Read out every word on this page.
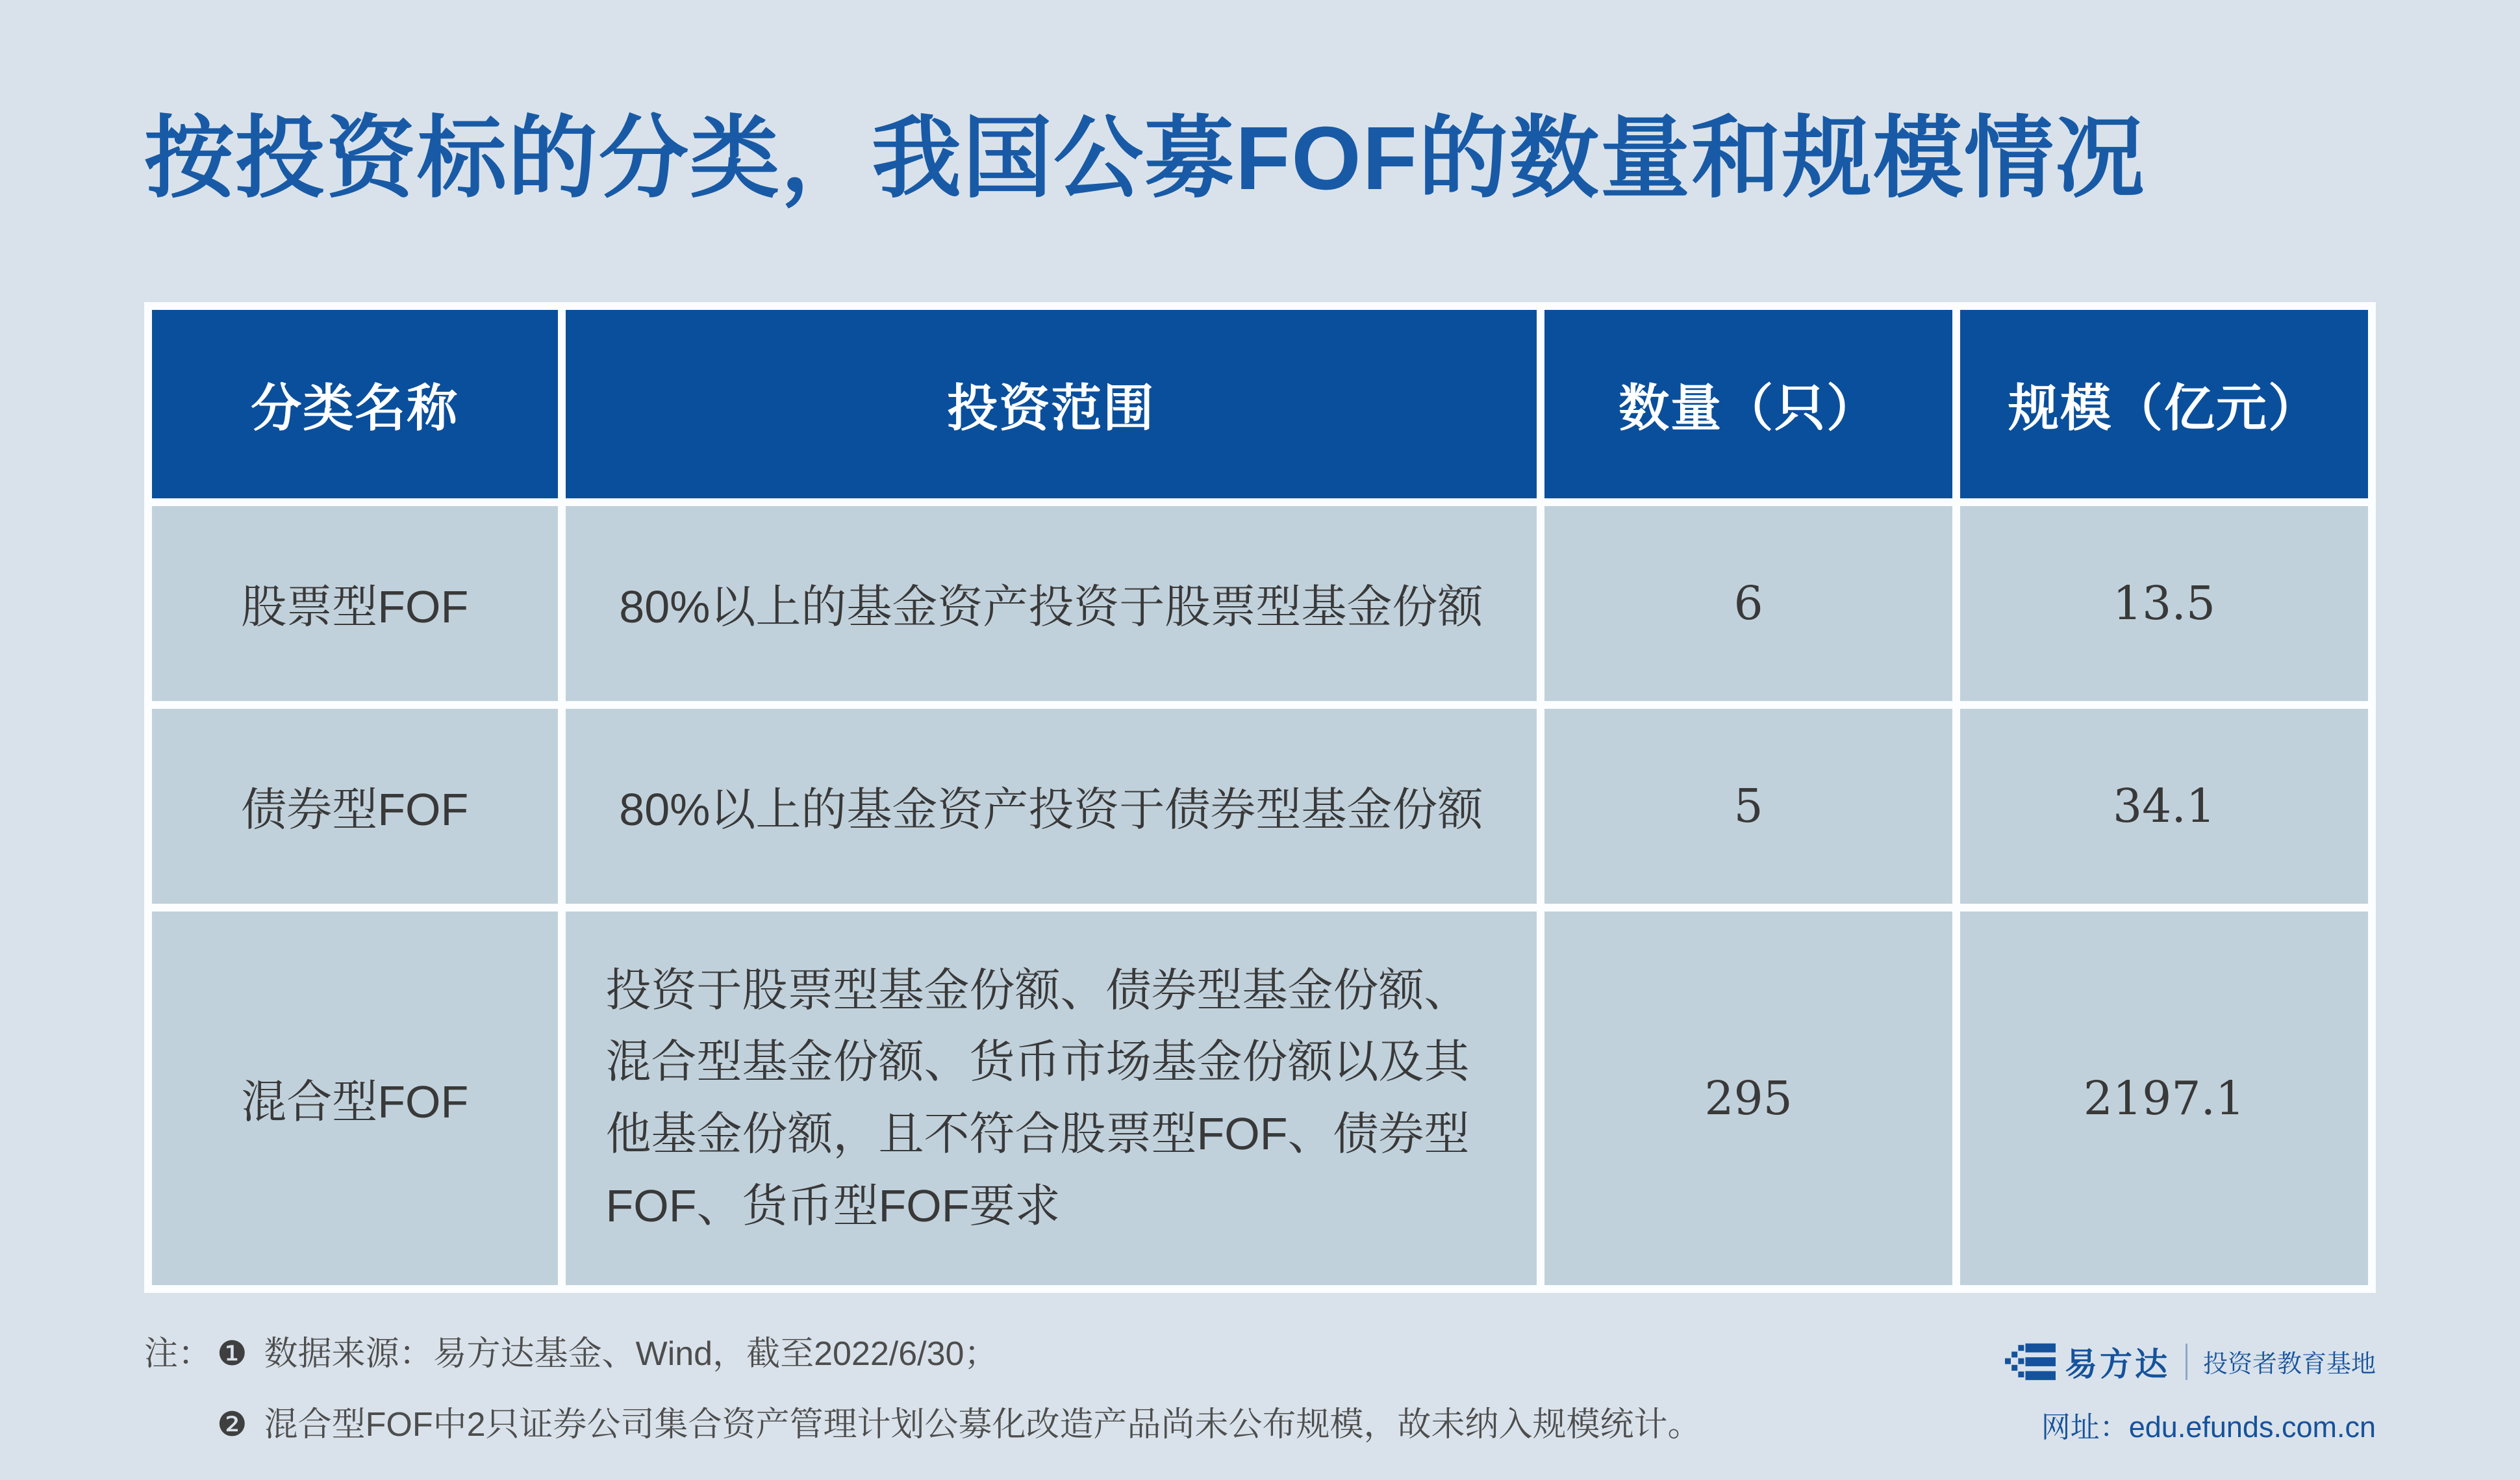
按投资标的分类，我国公募FOF的数量和规模情况
分类名称	投资范围	数量（只）	规模（亿元）
股票型FOF	80%以上的基金资产投资于股票型基金份额	6	13.5
债券型FOF	80%以上的基金资产投资于债券型基金份额	5	34.1
混合型FOF	投资于股票型基金份额、债券型基金份额、混合型基金份额、货币市场基金份额以及其他基金份额，且不符合股票型FOF、债券型FOF、货币型FOF要求	295	2197.1
注： ❶ 数据来源：易方达基金、Wind，截至2022/6/30；
❷ 混合型FOF中2只证券公司集合资产管理计划公募化改造产品尚未公布规模，故未纳入规模统计。
易方达 投资者教育基地
网址：edu.efunds.com.cn
